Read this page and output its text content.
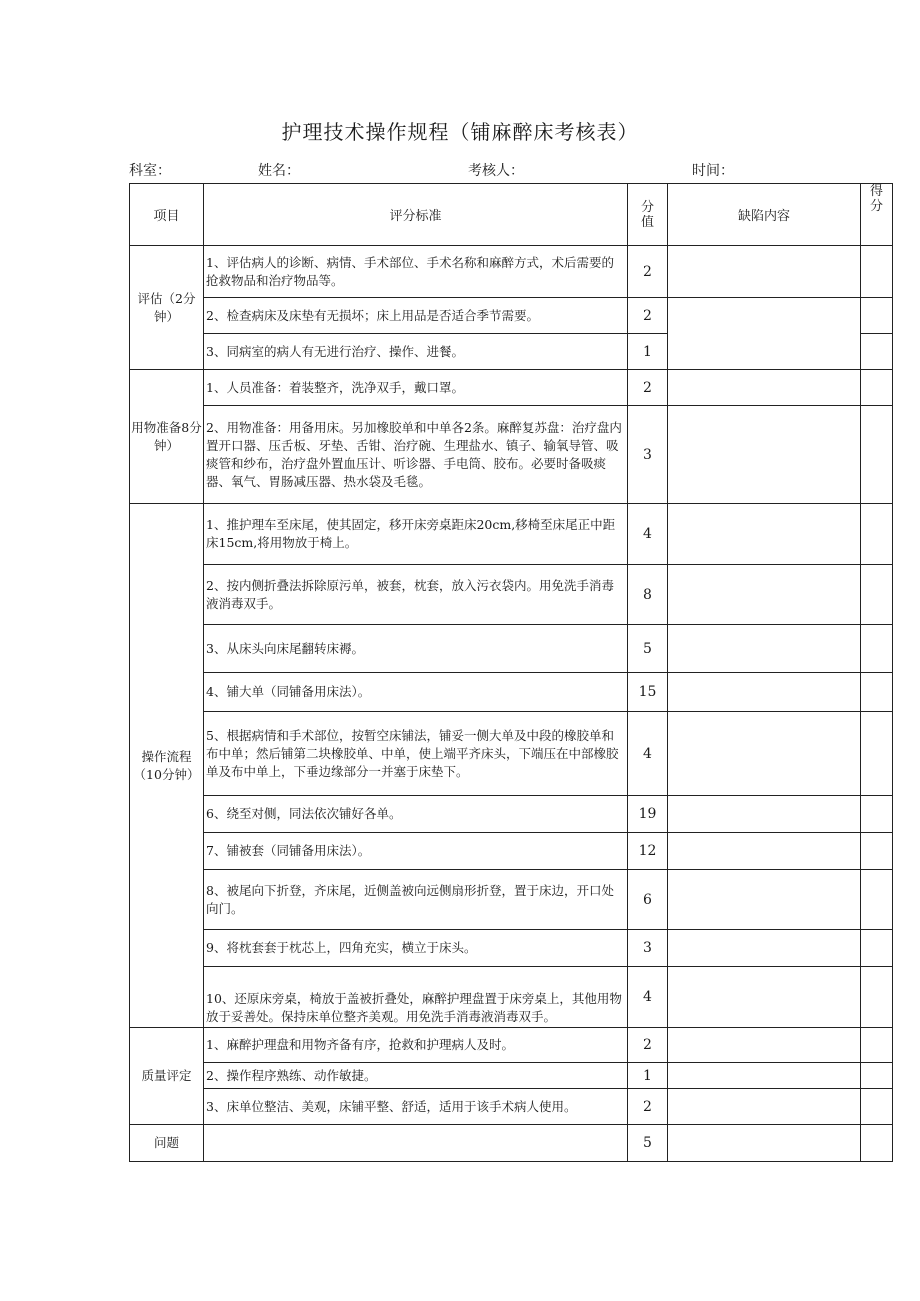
护理技术操作规程（铺麻醉床考核表）
科室：	姓名：	考核人：	时间：
项目	评分标准	分值	缺陷内容	得分

评估（2分钟）	1、评估病人的诊断、病情、手术部位、手术名称和麻醉方式，术后需要的抢救物品和治疗物品等。	2		
	2、检查病床及床垫有无损坏；床上用品是否适合季节需要。	2		
	3、同病室的病人有无进行治疗、操作、进餐。	1		
用物准备8分钟）	1、人员准备：着装整齐，洗净双手，戴口罩。	2		
	2、用物准备：用备用床。另加橡胶单和中单各2条。麻醉复苏盘：治疗盘内置开口器、压舌板、牙垫、舌钳、治疗碗、生理盐水、镇子、输氧导管、吸痰管和纱布，治疗盘外置血压计、听诊器、手电筒、胶布。必要时备吸痰器、氧气、胃肠减压器、热水袋及毛毯。	3		
操作流程（10分钟）	1、推护理车至床尾，使其固定，移开床旁桌距床20cm,移椅至床尾正中距床15cm,将用物放于椅上。	4		
	2、按内侧折叠法拆除原污单，被套，枕套，放入污衣袋内。用免洗手消毒液消毒双手。	8		
	3、从床头向床尾翻转床褥。	5		
	4、铺大单（同铺备用床法）。	15		
	5、根据病情和手术部位，按暂空床铺法，铺妥一侧大单及中段的橡胶单和布中单；然后铺第二块橡胶单、中单，使上端平齐床头，下端压在中部橡胶单及布中单上，下垂边缘部分一并塞于床垫下。	4		
	6、绕至对侧，同法依次铺好各单。	19		
	7、铺被套（同铺备用床法）。	12		
	8、被尾向下折登，齐床尾，近侧盖被向远侧扇形折登，置于床边，开口处向门。	6		
	9、将枕套套于枕芯上，四角充实，横立于床头。	3		
	10、还原床旁桌，椅放于盖被折叠处，麻醉护理盘置于床旁桌上，其他用物放于妥善处。保持床单位整齐美观。用免洗手消毒液消毒双手。	4		
质量评定	1、麻醉护理盘和用物齐备有序，抢救和护理病人及时。	2		
	2、操作程序熟练、动作敏捷。	1		
	3、床单位整洁、美观，床铺平整、舒适，适用于该手术病人使用。	2		
问题		5		
